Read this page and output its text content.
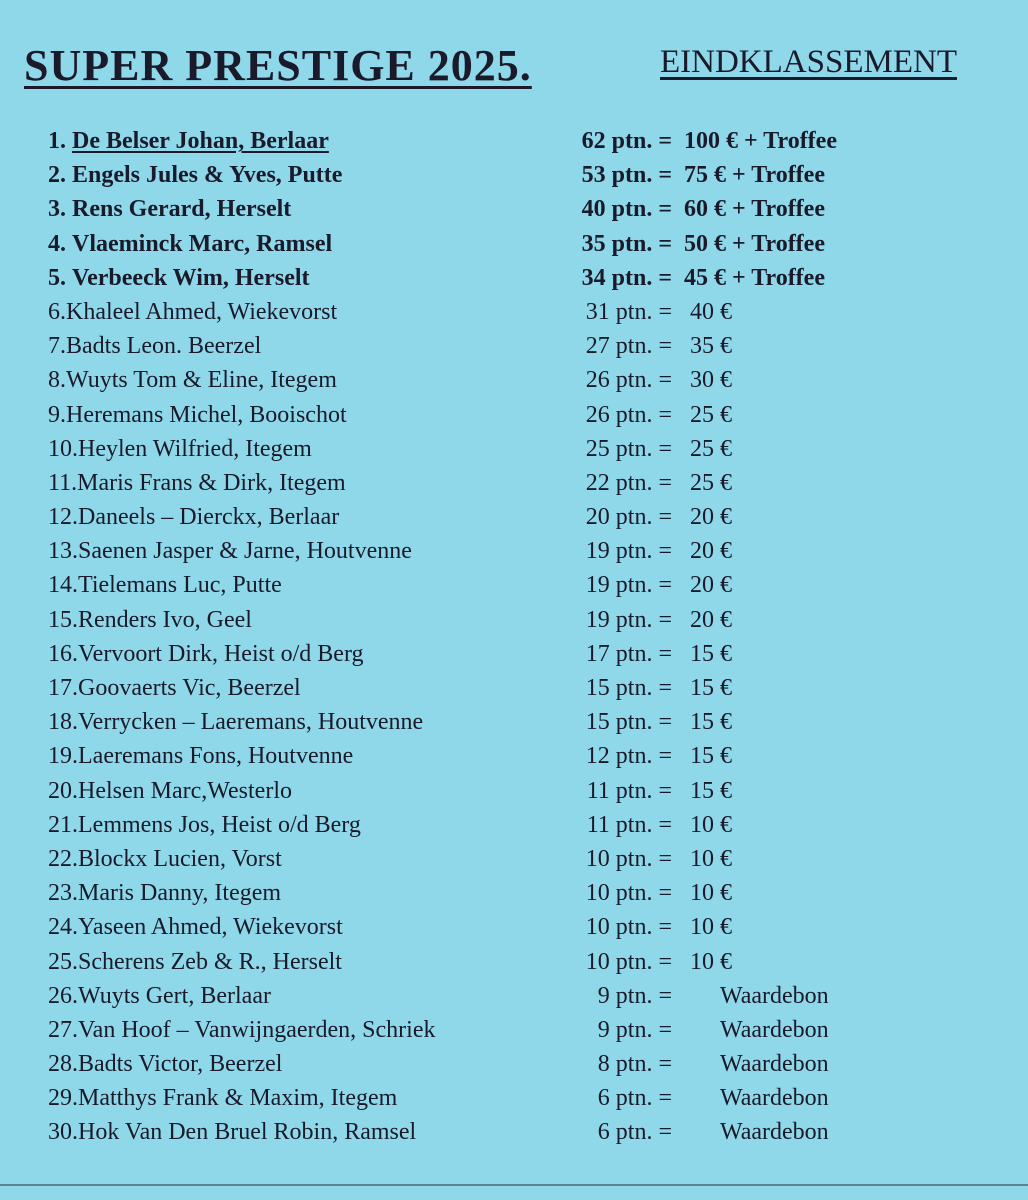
SUPER PRESTIGE 2025.	EINDKLASSEMENT
1. De Belser Johan, Berlaar	62 ptn. = 100 € + Troffee
2. Engels Jules & Yves, Putte	53 ptn. = 75 € + Troffee
3. Rens Gerard, Herselt	40 ptn. = 60 € + Troffee
4. Vlaeminck Marc, Ramsel	35 ptn. = 50 € + Troffee
5. Verbeeck Wim, Herselt	34 ptn. = 45 € + Troffee
6.Khaleel Ahmed, Wiekevorst	31 ptn. = 40 €
7.Badts Leon. Beerzel	27 ptn. = 35 €
8.Wuyts Tom & Eline, Itegem	26 ptn. = 30 €
9.Heremans Michel, Booischot	26 ptn. = 25 €
10.Heylen Wilfried, Itegem	25 ptn. = 25 €
11.Maris Frans & Dirk, Itegem	22 ptn. = 25 €
12.Daneels – Dierckx, Berlaar	20 ptn. = 20 €
13.Saenen Jasper & Jarne, Houtvenne	19 ptn. = 20 €
14.Tielemans Luc, Putte	19 ptn. = 20 €
15.Renders Ivo, Geel	19 ptn. = 20 €
16.Vervoort Dirk, Heist o/d Berg	17 ptn. = 15 €
17.Goovaerts Vic, Beerzel	15 ptn. = 15 €
18.Verrycken – Laeremans, Houtvenne	15 ptn. = 15 €
19.Laeremans Fons, Houtvenne	12 ptn. = 15 €
20.Helsen Marc,Westerlo	11 ptn. = 15 €
21.Lemmens Jos, Heist o/d Berg	11 ptn. = 10 €
22.Blockx Lucien, Vorst	10 ptn. = 10 €
23.Maris Danny, Itegem	10 ptn. = 10 €
24.Yaseen Ahmed, Wiekevorst	10 ptn. = 10 €
25.Scherens Zeb & R., Herselt	10 ptn. = 10 €
26.Wuyts Gert, Berlaar	9 ptn. = Waardebon
27.Van Hoof – Vanwijngaerden, Schriek	9 ptn. = Waardebon
28.Badts Victor, Beerzel	8 ptn. = Waardebon
29.Matthys Frank & Maxim, Itegem	6 ptn. = Waardebon
30.Hok Van Den Bruel Robin, Ramsel	6 ptn. = Waardebon
